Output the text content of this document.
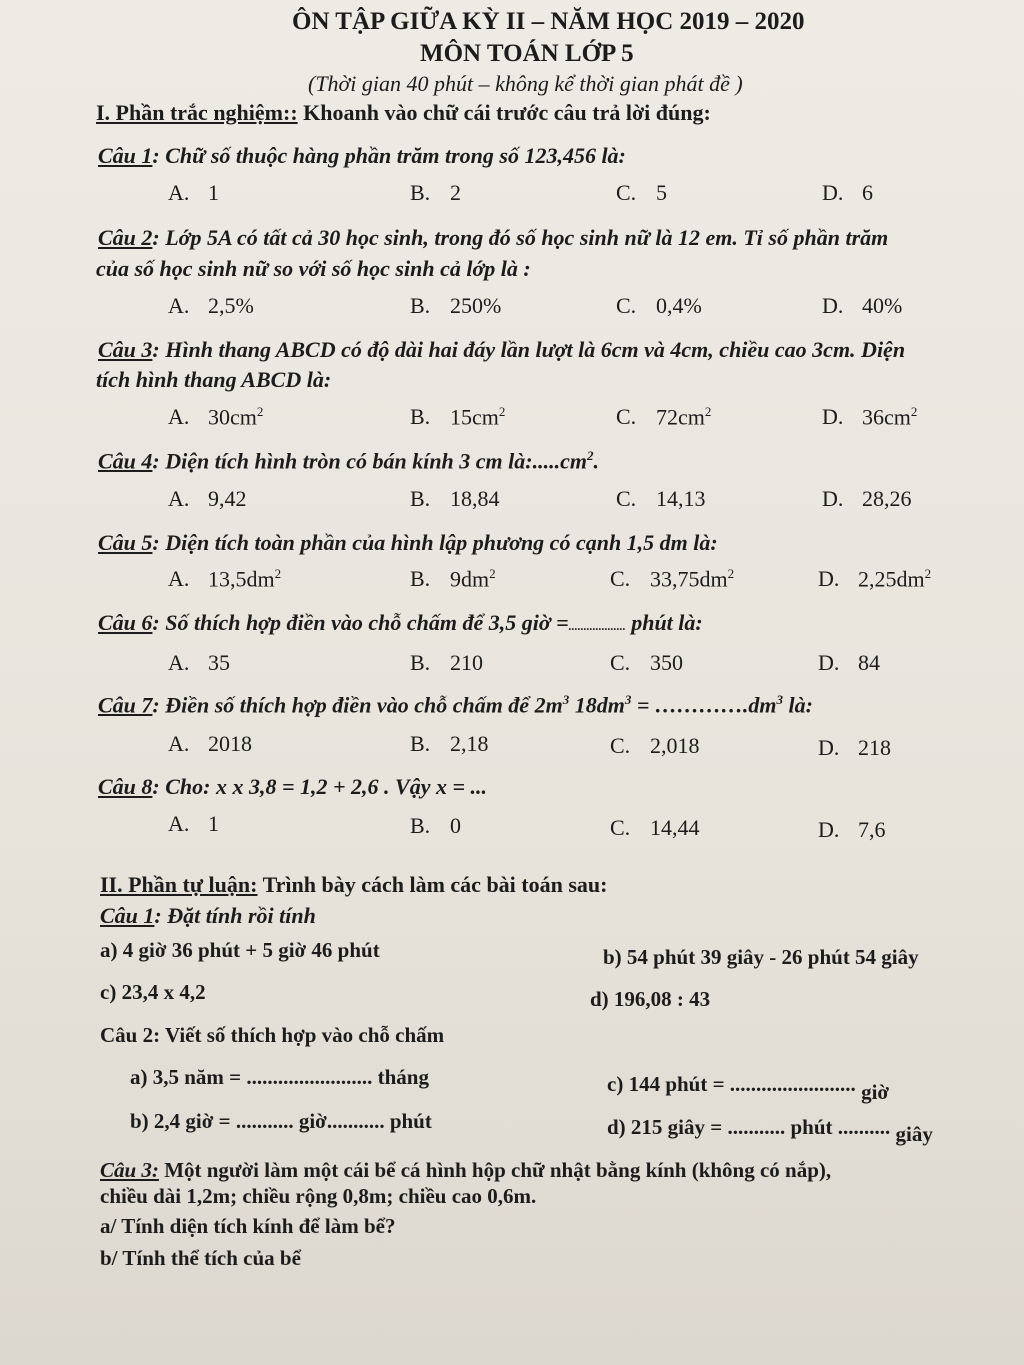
ÔN TẬP GIỮA KỲ II – NĂM HỌC 2019 – 2020
MÔN TOÁN LỚP 5
(Thời gian 40 phút – không kể thời gian phát đề )
I. Phần trắc nghiệm:: Khoanh vào chữ cái trước câu trả lời đúng:
Câu 1: Chữ số thuộc hàng phần trăm trong số 123,456 là:
A. 1	B. 2	C. 5	D. 6
Câu 2: Lớp 5A có tất cả 30 học sinh, trong đó số học sinh nữ là 12 em. Tỉ số phần trăm
của số học sinh nữ so với số học sinh cả lớp là :
A. 2,5%	B. 250%	C. 0,4%	D. 40%
Câu 3: Hình thang ABCD có độ dài hai đáy lần lượt là 6cm và 4cm, chiều cao 3cm. Diện
tích hình thang ABCD là:
A. $30cm^2$	B. $15cm^2$	C. $72cm^2$	D. $36cm^2$
Câu 4: Diện tích hình tròn có bán kính 3 cm $là:.....cm^2$.
A. 9,42	B. 18,84	C. 14,13	D. 28,26
Câu 5: Diện tích toàn phần của hình lập phương có cạnh 1,5 dm là:
A. $13,5dm^2$	B. $9dm^2$	C. $33,75dm^2$	D. $2,25dm^2$
Câu 6: Số thích hợp điền vào chỗ chấm để 3,5 giờ =................... phút là:
A. 35	B. 210	C. 350	D. 84
Câu 7: Điền số thích hợp điền vào chỗ chấm để $2m^3$ $18dm^3$ = $\dots\dots\dots\dots.dm^3$ là:
A. 2018	B. 2,18	C. 2,018	D. 218
Câu 8: Cho: x x 3,8 = 1,2 + 2,6 . Vậy x = ...
A. 1	B. 0	C. 14,44	D. 7,6
II. Phần tự luận: Trình bày cách làm các bài toán sau:
Câu 1: Đặt tính rồi tính
a) 4 giờ 36 phút + 5 giờ 46 phút	b) 54 phút 39 giây - 26 phút 54 giây
c) 23,4 x 4,2	d) 196,08 : 43
Câu 2: Viết số thích hợp vào chỗ chấm
a) 3,5 năm = ........................ tháng	c) 144 phút = ........................ giờ
b) 2,4 giờ = ........... giờ........... phút	d) 215 giây = ........... phút .......... giây
Câu 3: Một người làm một cái bể cá hình hộp chữ nhật bằng kính (không có nắp),
chiều dài 1,2m; chiều rộng 0,8m; chiều cao 0,6m.
a/ Tính diện tích kính để làm bể?
b/ Tính thể tích của bể
